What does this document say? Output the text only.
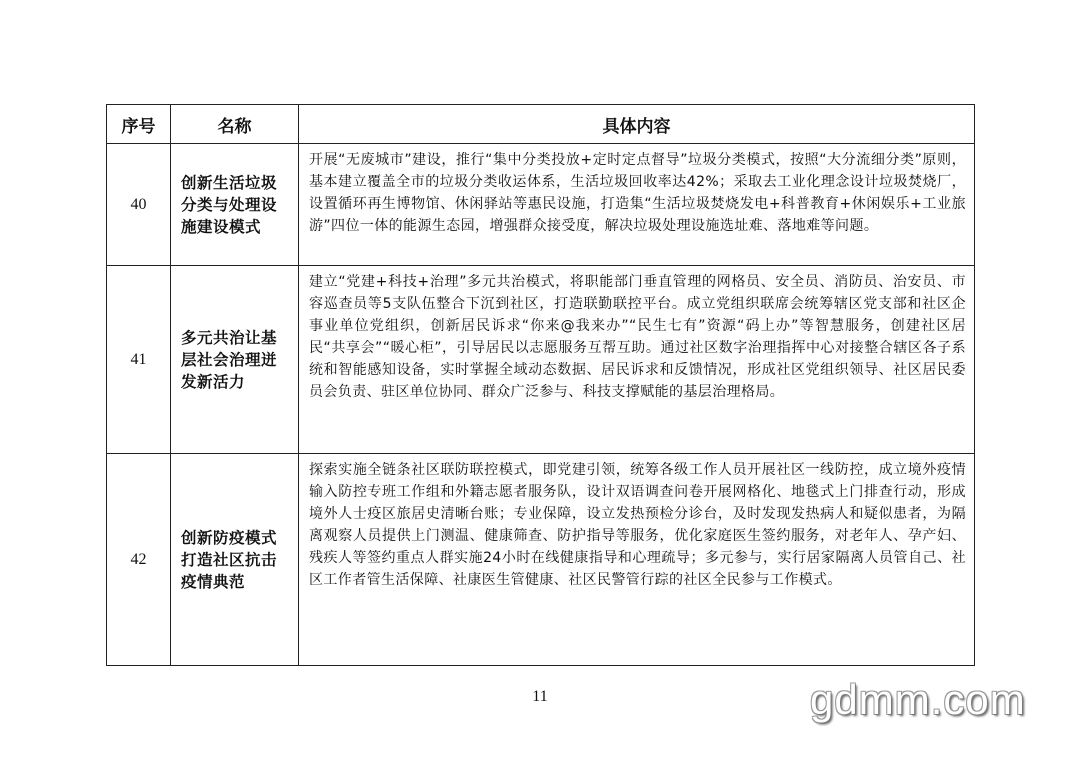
序号	名称	具体内容
40	创新生活垃圾分类与处理设施建设模式	开展“无废城市”建设，推行“集中分类投放+定时定点督导”垃圾分类模式，按照“大分流细分类”原则，基本建立覆盖全市的垃圾分类收运体系，生活垃圾回收率达42%；采取去工业化理念设计垃圾焚烧厂，设置循环再生博物馆、休闲驿站等惠民设施，打造集“生活垃圾焚烧发电+科普教育+休闲娱乐+工业旅游”四位一体的能源生态园，增强群众接受度，解决垃圾处理设施选址难、落地难等问题。
41	多元共治让基层社会治理迸发新活力	建立“党建+科技+治理”多元共治模式，将职能部门垂直管理的网格员、安全员、消防员、治安员、市容巡查员等5支队伍整合下沉到社区，打造联勤联控平台。成立党组织联席会统筹辖区党支部和社区企事业单位党组织，创新居民诉求“你来@我来办”“民生七有”资源“码上办”等智慧服务，创建社区居民“共享会”“暖心柜”，引导居民以志愿服务互帮互助。通过社区数字治理指挥中心对接整合辖区各子系统和智能感知设备，实时掌握全域动态数据、居民诉求和反馈情况，形成社区党组织领导、社区居民委员会负责、驻区单位协同、群众广泛参与、科技支撑赋能的基层治理格局。
42	创新防疫模式打造社区抗击疫情典范	探索实施全链条社区联防联控模式，即党建引领，统筹各级工作人员开展社区一线防控，成立境外疫情输入防控专班工作组和外籍志愿者服务队，设计双语调查问卷开展网格化、地毯式上门排查行动，形成境外人士疫区旅居史清晰台账；专业保障，设立发热预检分诊台，及时发现发热病人和疑似患者，为隔离观察人员提供上门测温、健康筛查、防护指导等服务，优化家庭医生签约服务，对老年人、孕产妇、残疾人等签约重点人群实施24小时在线健康指导和心理疏导；多元参与，实行居家隔离人员管自己、社区工作者管生活保障、社康医生管健康、社区民警管行踪的社区全民参与工作模式。
11	gdmm.com
